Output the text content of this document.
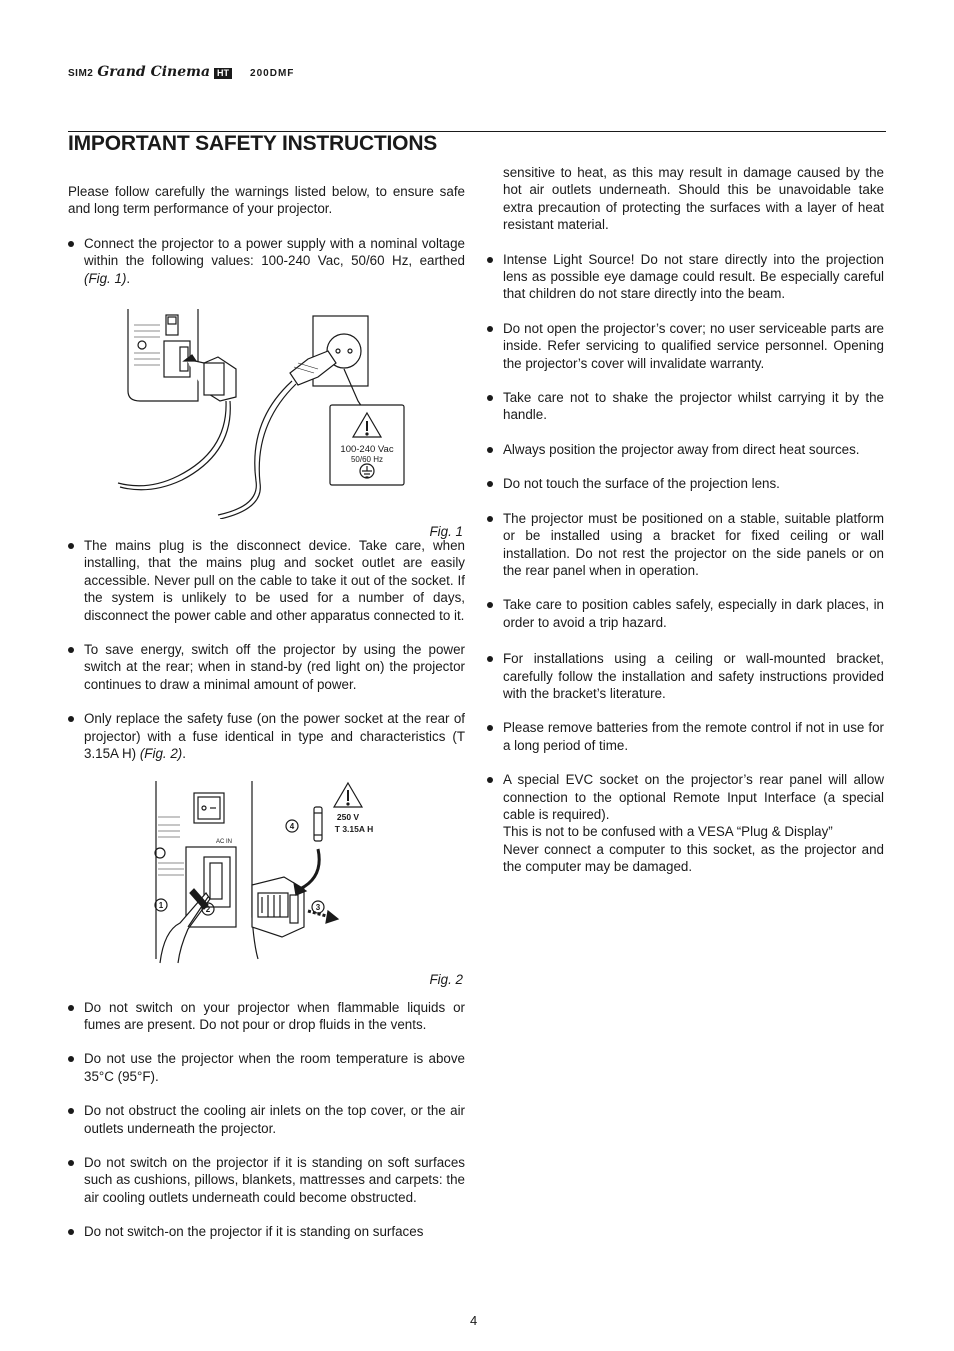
SIM2 Grand Cinema HT	200DMF
IMPORTANT SAFETY INSTRUCTIONS

Please follow carefully the warnings listed below, to ensure safe and long term performance of your projector.

Connect the projector to a power supply with a nominal voltage within the following values: 100-240 Vac, 50/60 Hz, earthed (Fig. 1).

100-240 Vac
50/60 Hz
Fig. 1

The mains plug is the disconnect device. Take care, when installing, that the mains plug and socket outlet are easily accessible. Never pull on the cable to take it out of the socket. If the system is unlikely to be used for a number of days, disconnect the power cable and other apparatus connected to it.

To save energy, switch off the projector by using the power switch at the rear; when in stand-by (red light on) the projector continues to draw a minimal amount of power.

Only replace the safety fuse (on the power socket at the rear of projector) with a fuse identical in type and characteristics (T 3.15A H) (Fig. 2).

250 V
T 3.15A H
4
1	2	3
AC IN
Fig. 2

Do not switch on your projector when flammable liquids or fumes are present. Do not pour or drop fluids in the vents.

Do not use the projector when the room temperature is above 35°C (95°F).

Do not obstruct the cooling air inlets on the top cover, or the air outlets underneath the projector.

Do not switch on the projector if it is standing on soft surfaces such as cushions, pillows, blankets, mattresses and carpets: the air cooling outlets underneath could become obstructed.

Do not switch-on the projector if it is standing on surfaces

sensitive to heat, as this may result in damage caused by the hot air outlets underneath. Should this be unavoidable take extra precaution of protecting the surfaces with a layer of heat resistant material.

Intense Light Source! Do not stare directly into the projection lens as possible eye damage could result. Be especially careful that children do not stare directly into the beam.

Do not open the projector’s cover; no user serviceable parts are inside. Refer servicing to qualified service personnel. Opening the projector’s cover will invalidate warranty.

Take care not to shake the projector whilst carrying it by the handle.

Always position the projector away from direct heat sources.

Do not touch the surface of the projection lens.

The projector must be positioned on a stable, suitable platform or be installed using a bracket for fixed ceiling or wall installation. Do not rest the projector on the side panels or on the rear panel when in operation.

Take care to position cables safely, especially in dark places, in order to avoid a trip hazard.

For installations using a ceiling or wall-mounted bracket, carefully follow the installation and safety instructions provided with the bracket’s literature.

Please remove batteries from the remote control if not in use for a long period of time.

A special EVC socket on the projector’s rear panel will allow connection to the optional Remote Input Interface (a special cable is required).

This is not to be confused with a VESA “Plug & Display”

Never connect a computer to this socket, as the projector and the computer may be damaged.

4
